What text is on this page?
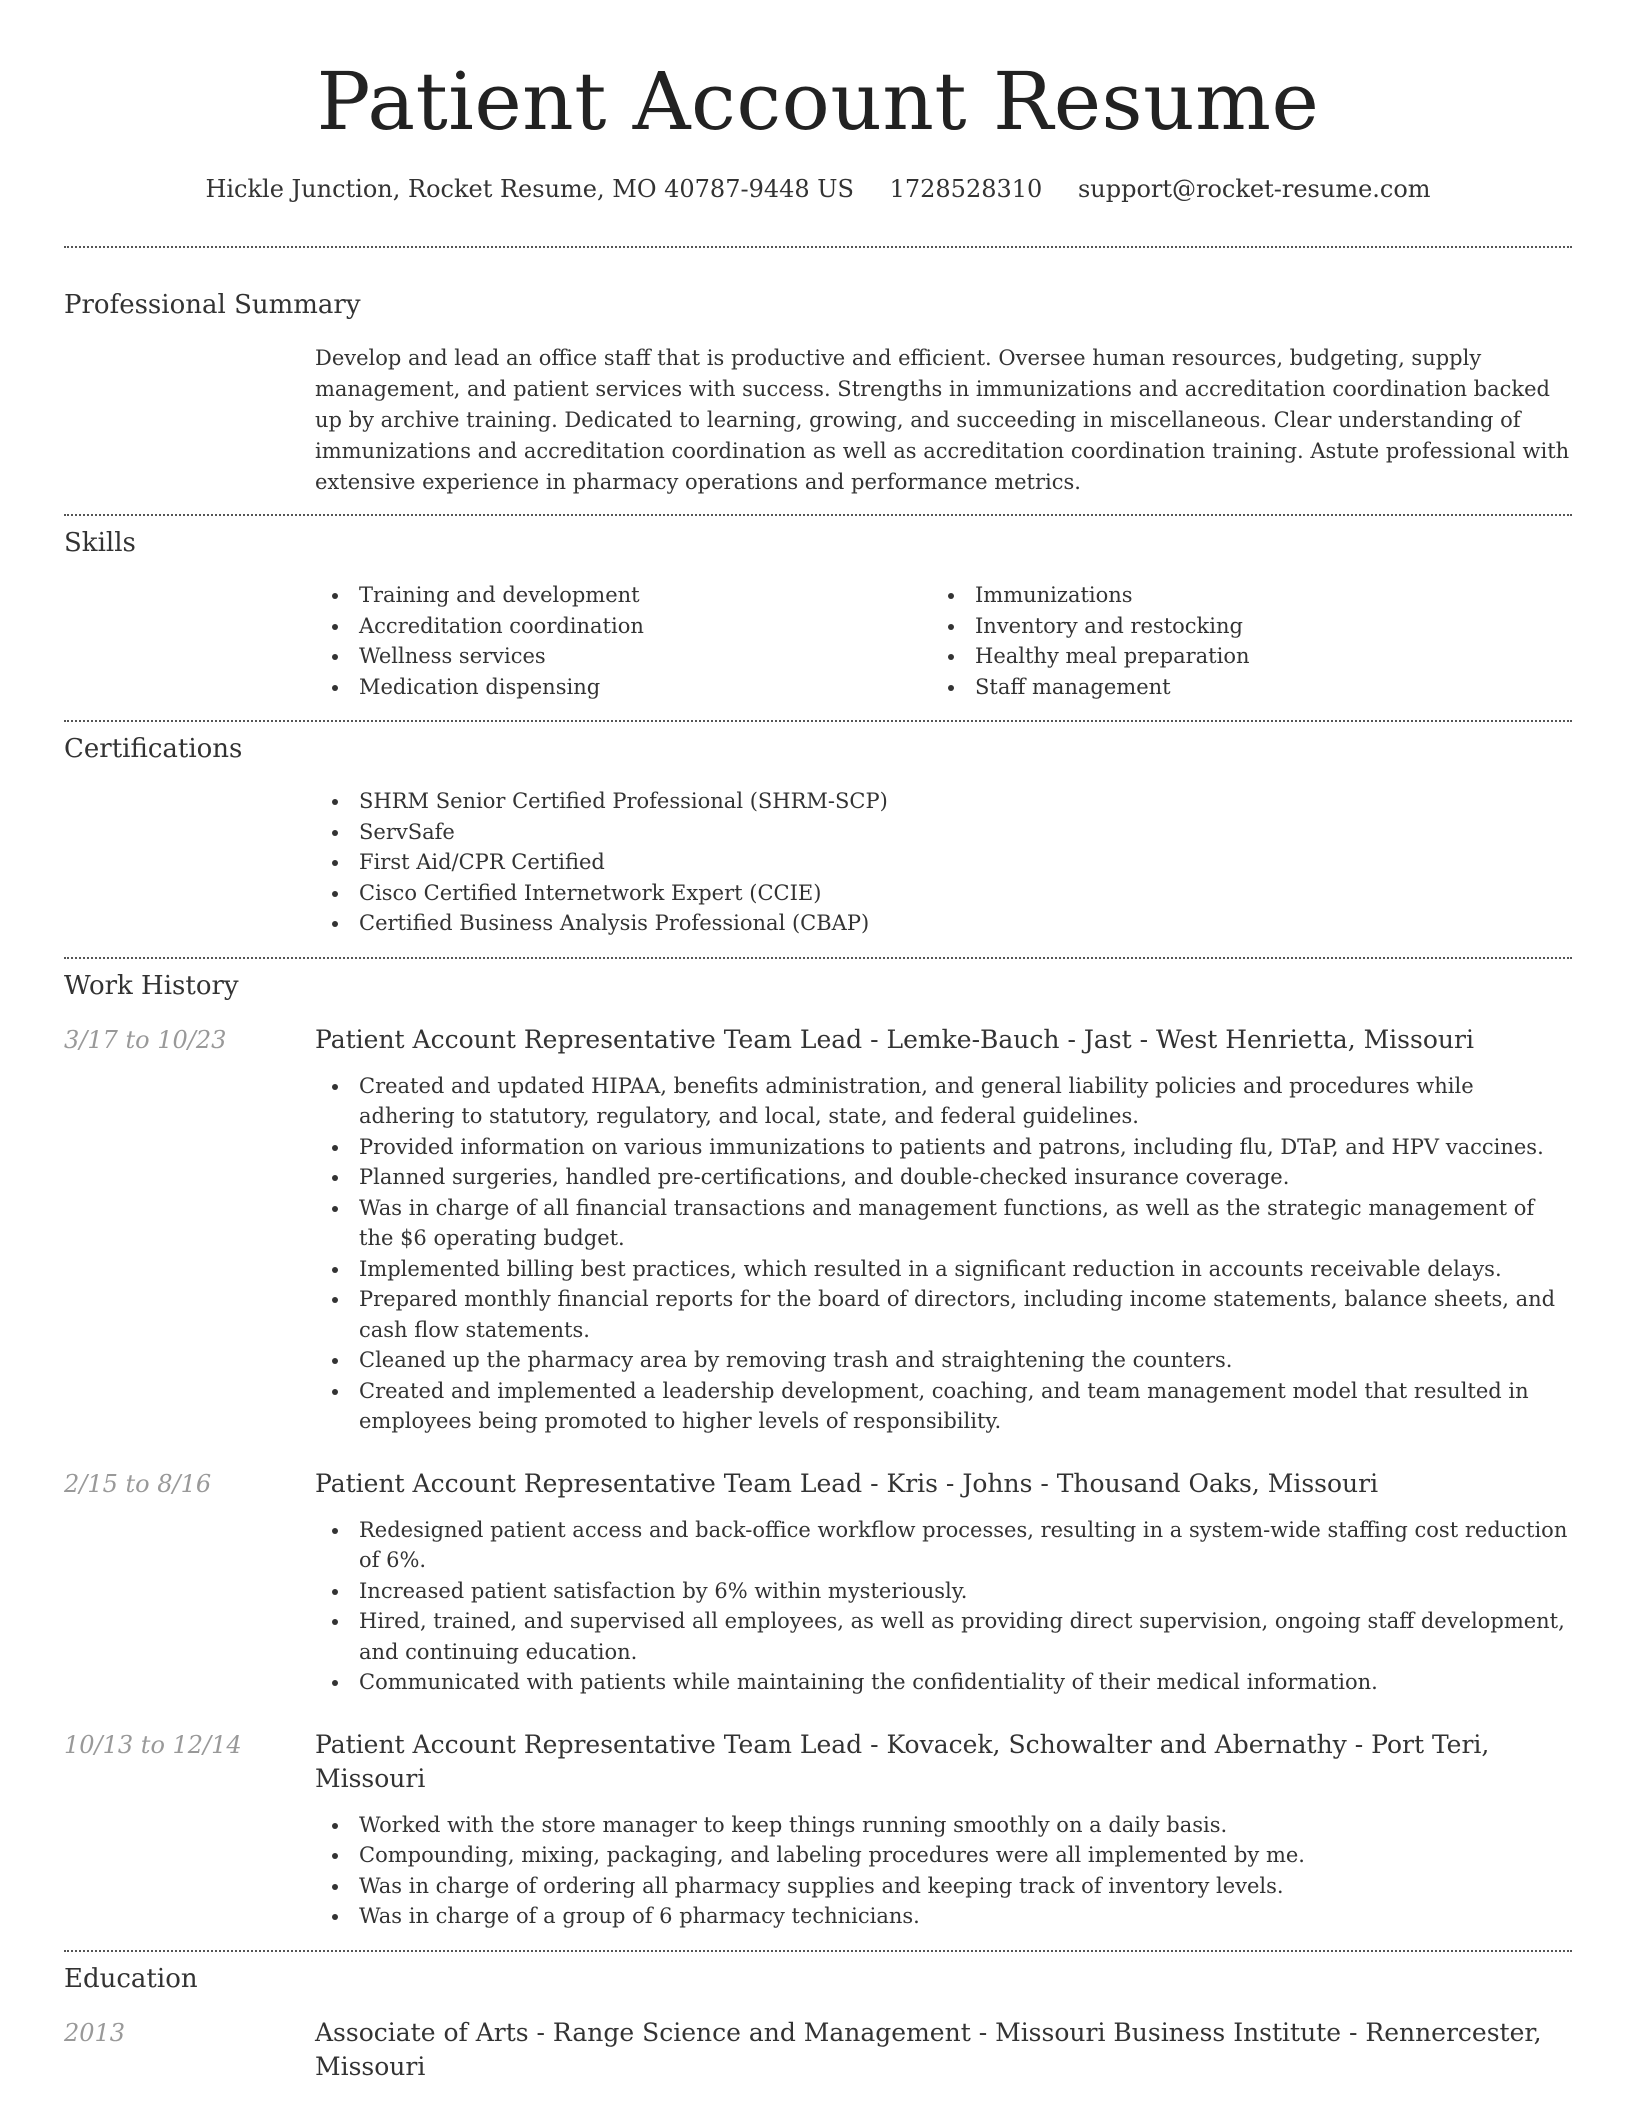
Patient Account Resume
Hickle Junction, Rocket Resume, MO 40787-9448 US 1728528310 support@rocket-resume.com
Professional Summary

Develop and lead an office staff that is productive and efficient. Oversee human resources, budgeting, supply management, and patient services with success. Strengths in immunizations and accreditation coordination backed up by archive training. Dedicated to learning, growing, and succeeding in miscellaneous. Clear understanding of immunizations and accreditation coordination as well as accreditation coordination training. Astute professional with extensive experience in pharmacy operations and performance metrics.

Skills
Training and development
Accreditation coordination
Wellness services
Medication dispensing
Immunizations
Inventory and restocking
Healthy meal preparation
Staff management
Certifications
SHRM Senior Certified Professional (SHRM-SCP)
ServSafe
First Aid/CPR Certified
Cisco Certified Internetwork Expert (CCIE)
Certified Business Analysis Professional (CBAP)
Work History
3/17 to 10/23	Patient Account Representative Team Lead - Lemke-Bauch - Jast - West Henrietta, Missouri
Created and updated HIPAA, benefits administration, and general liability policies and procedures while adhering to statutory, regulatory, and local, state, and federal guidelines.
Provided information on various immunizations to patients and patrons, including flu, DTaP, and HPV vaccines.
Planned surgeries, handled pre-certifications, and double-checked insurance coverage.
Was in charge of all financial transactions and management functions, as well as the strategic management of the $6 operating budget.
Implemented billing best practices, which resulted in a significant reduction in accounts receivable delays.
Prepared monthly financial reports for the board of directors, including income statements, balance sheets, and cash flow statements.
Cleaned up the pharmacy area by removing trash and straightening the counters.
Created and implemented a leadership development, coaching, and team management model that resulted in employees being promoted to higher levels of responsibility.
2/15 to 8/16	Patient Account Representative Team Lead - Kris - Johns - Thousand Oaks, Missouri
Redesigned patient access and back-office workflow processes, resulting in a system-wide staffing cost reduction of 6%.
Increased patient satisfaction by 6% within mysteriously.
Hired, trained, and supervised all employees, as well as providing direct supervision, ongoing staff development, and continuing education.
Communicated with patients while maintaining the confidentiality of their medical information.
10/13 to 12/14	Patient Account Representative Team Lead - Kovacek, Schowalter and Abernathy - Port Teri, Missouri
Worked with the store manager to keep things running smoothly on a daily basis.
Compounding, mixing, packaging, and labeling procedures were all implemented by me.
Was in charge of ordering all pharmacy supplies and keeping track of inventory levels.
Was in charge of a group of 6 pharmacy technicians.
Education
2013	Associate of Arts - Range Science and Management - Missouri Business Institute - Rennercester, Missouri
